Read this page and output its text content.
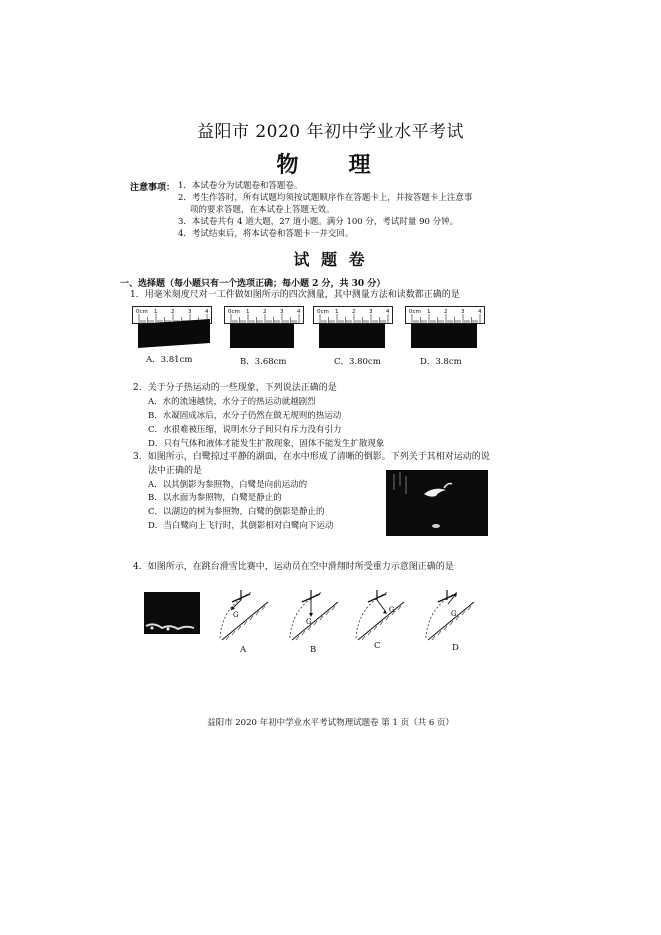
益阳市 2020 年初中学业水平考试
物　理
注意事项： 1．本试卷分为试题卷和答题卷。
2．考生作答时，所有试题均须按试题顺序作在答题卡上，并按答题卡上注意事
项的要求答题，在本试卷上答题无效。
3．本试卷共有 4 道大题，27 道小题。满分 100 分，考试时量 90 分钟。
4．考试结束后，将本试卷和答题卡一并交回。
试 题 卷
一、选择题（每小题只有一个选项正确；每小题 2 分，共 30 分）
1．用毫米刻度尺对一工件做如图所示的四次测量，其中测量方法和读数都正确的是
0cm 1 2 3 4	0cm 1 2 3 4	0cm 1 2 3 4	0cm 1 2 3 4
A．3.81cm	B．3.68cm	C．3.80cm	D．3.8cm
2．关于分子热运动的一些现象，下列说法正确的是
A．水的流速越快，水分子的热运动就越剧烈
B．水凝固成冰后，水分子仍然在做无规则的热运动
C．水很难被压缩，说明水分子间只有斥力没有引力
D．只有气体和液体才能发生扩散现象，固体不能发生扩散现象
3．如图所示，白鹭掠过平静的湖面，在水中形成了清晰的倒影。下列关于其相对运动的说
法中正确的是
A．以其倒影为参照物，白鹭是向前运动的
B．以水面为参照物，白鹭是静止的
C．以湖边的树为参照物，白鹭的倒影是静止的
D．当白鹭向上飞行时，其倒影相对白鹭向下运动
4．如图所示，在跳台滑雪比赛中，运动员在空中滑翔时所受重力示意图正确的是
G
G
G	G
A	B	C	D
益阳市 2020 年初中学业水平考试物理试题卷 第 1 页（共 6 页）
